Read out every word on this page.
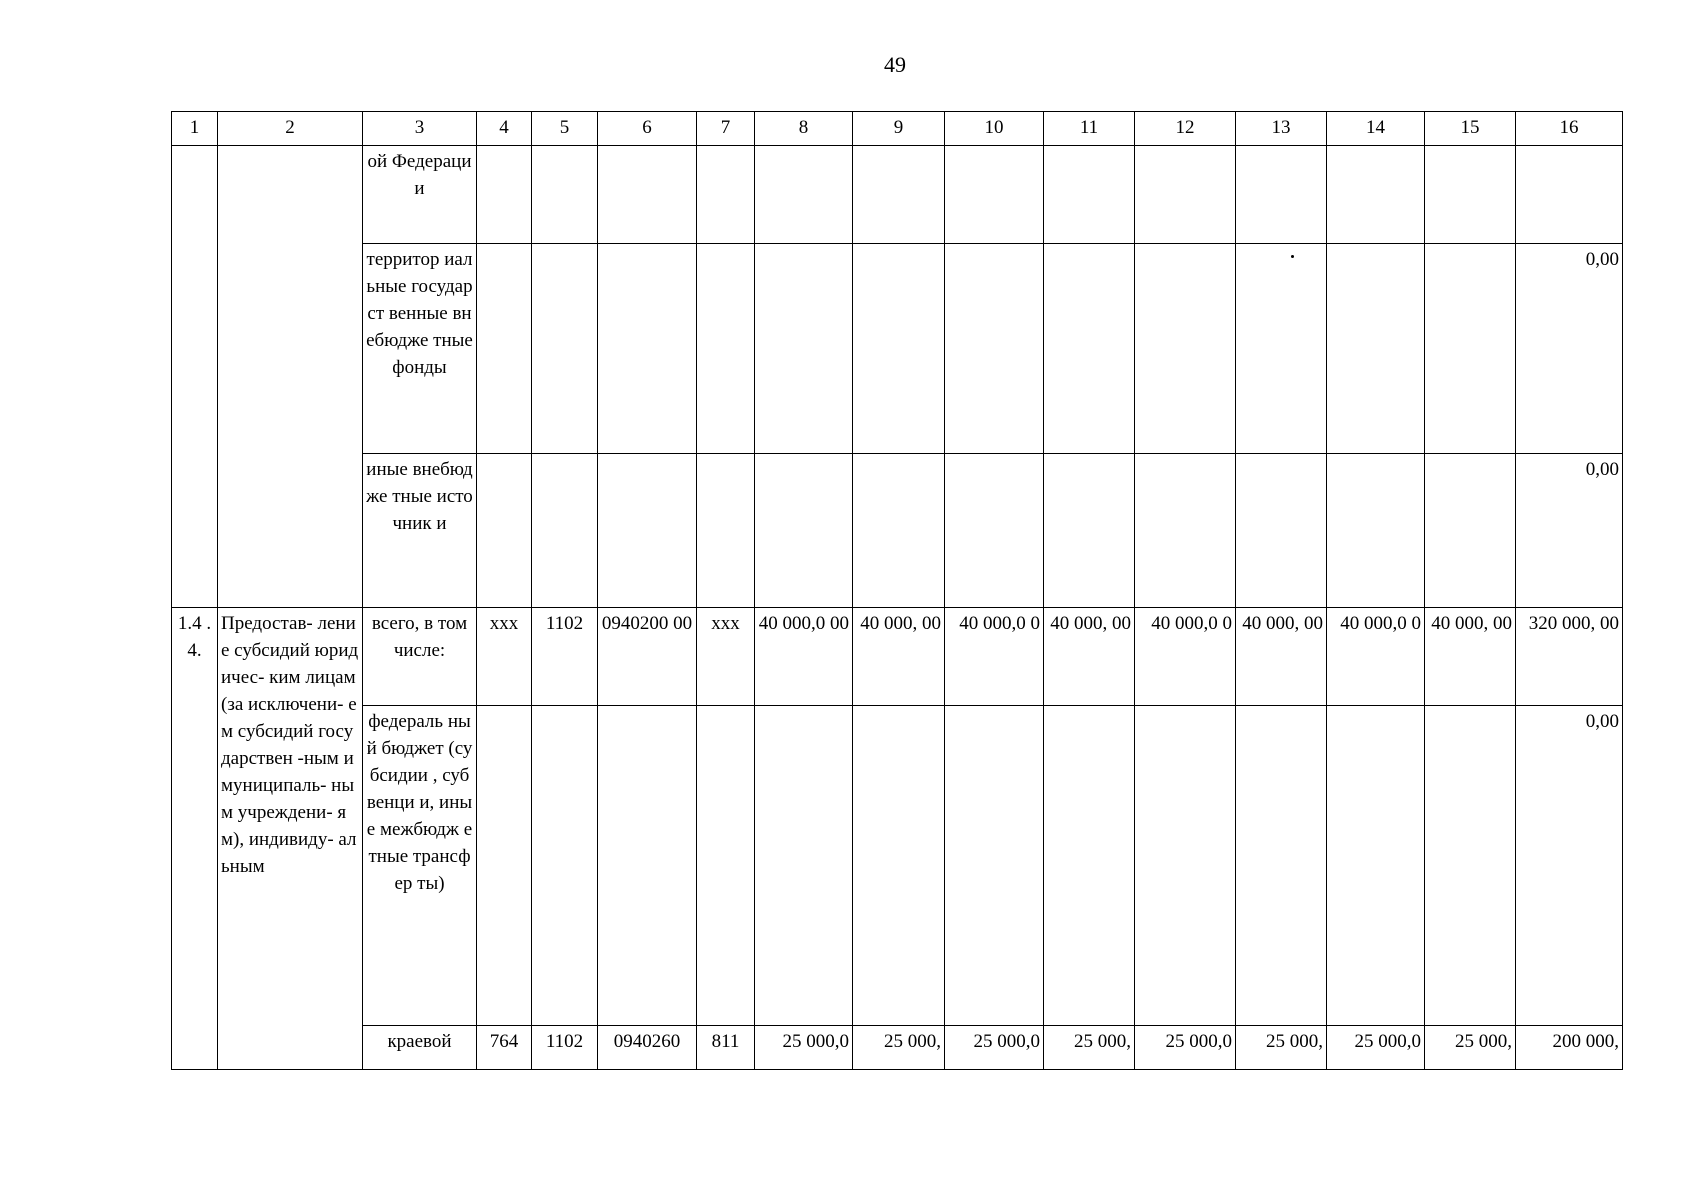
49
1	2	3	4	5	6	7	8	9	10	11	12	13	14	15	16
		ой Федераци и													
		территор иальные государст венные внебюдже тные фонды													0,00
		иные внебюдже тные источник и													0,00
1.4 .4.	Предостав- ление субсидий юридичес- ким лицам (за исключени- ем субсидий государствен -ным и муниципаль- ным учреждени- ям), индивиду- альным	всего, в том числе:	ххх	1102	0940200 00	ххх	40 000,0 00	40 000, 00	40 000,0 0	40 000, 00	40 000,0 0	40 000, 00	40 000,0 0	40 000, 00	320 000, 00
		федераль ный бюджет (субсидии , субвенци и, иные межбюдж етные трансфер ты)													0,00
		краевой	764	1102	0940260	811	25 000,0	25 000,	25 000,0	25 000,	25 000,0	25 000,	25 000,0	25 000,	200 000,
